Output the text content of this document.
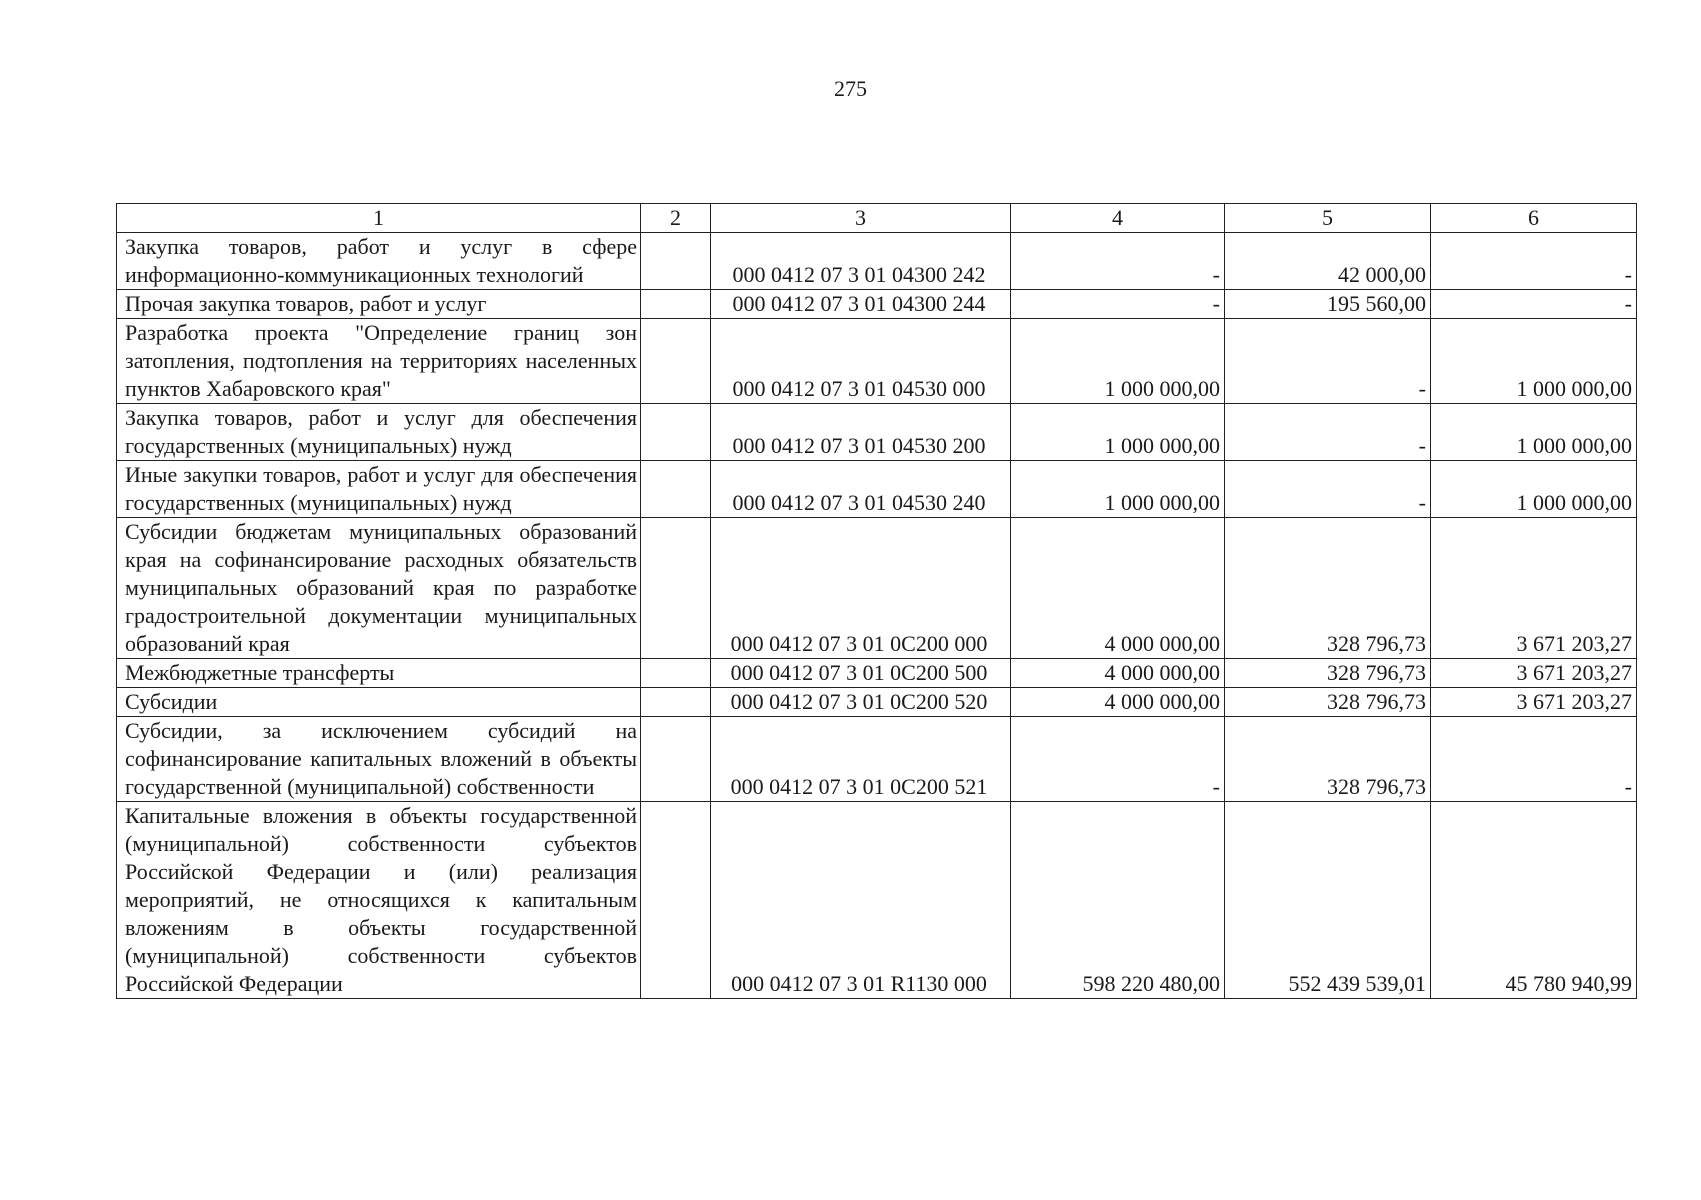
275
1	2	3	4	5	6
Закупка товаров, работ и услуг в сфере информационно-коммуникационных технологий		000 0412 07 3 01 04300 242	-	42 000,00	-
Прочая закупка товаров, работ и услуг		000 0412 07 3 01 04300 244	-	195 560,00	-
Разработка проекта "Определение границ зон затопления, подтопления на территориях населенных пунктов Хабаровского края"		000 0412 07 3 01 04530 000	1 000 000,00	-	1 000 000,00
Закупка товаров, работ и услуг для обеспечения государственных (муниципальных) нужд		000 0412 07 3 01 04530 200	1 000 000,00	-	1 000 000,00
Иные закупки товаров, работ и услуг для обеспечения государственных (муниципальных) нужд		000 0412 07 3 01 04530 240	1 000 000,00	-	1 000 000,00
Субсидии бюджетам муниципальных образований края на софинансирование расходных обязательств муниципальных образований края по разработке градостроительной документации муниципальных образований края		000 0412 07 3 01 0С200 000	4 000 000,00	328 796,73	3 671 203,27
Межбюджетные трансферты		000 0412 07 3 01 0С200 500	4 000 000,00	328 796,73	3 671 203,27
Субсидии		000 0412 07 3 01 0С200 520	4 000 000,00	328 796,73	3 671 203,27
Субсидии, за исключением субсидий на софинансирование капитальных вложений в объекты государственной (муниципальной) собственности		000 0412 07 3 01 0С200 521	-	328 796,73	-
Капитальные вложения в объекты государственной (муниципальной) собственности субъектов Российской Федерации и (или) реализация мероприятий, не относящихся к капитальным вложениям в объекты государственной (муниципальной) собственности субъектов Российской Федерации		000 0412 07 3 01 R1130 000	598 220 480,00	552 439 539,01	45 780 940,99
